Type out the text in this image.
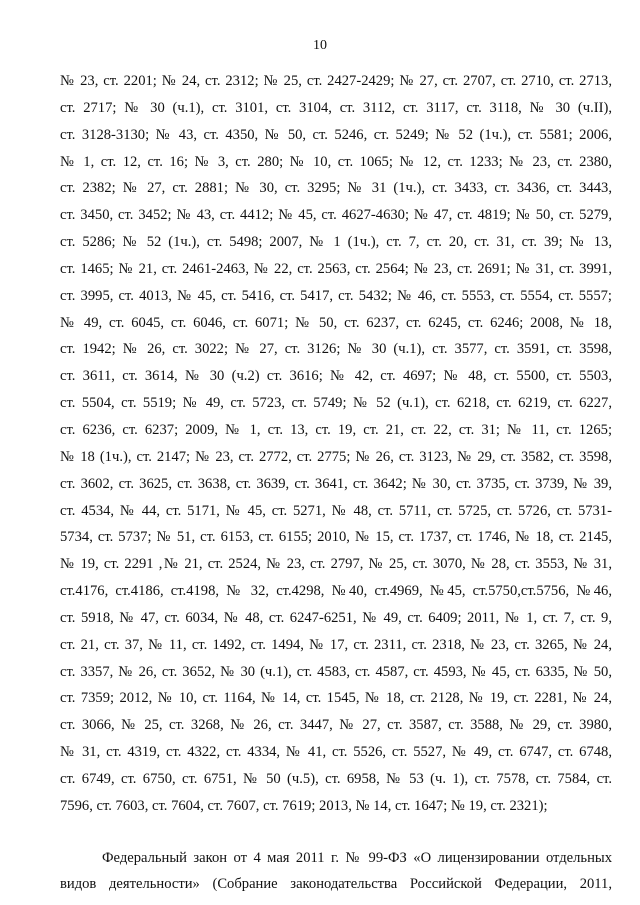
10
№ 23, ст. 2201; № 24, ст. 2312; № 25, ст. 2427-2429; № 27, ст. 2707, ст. 2710, ст. 2713,
ст. 2717; № 30 (ч.1), ст. 3101, ст. 3104, ст. 3112, ст. 3117, ст. 3118, № 30 (ч.II),
ст. 3128-3130; № 43, ст. 4350, № 50, ст. 5246, ст. 5249; № 52 (1ч.), ст. 5581; 2006,
№ 1, ст. 12, ст. 16; № 3, ст. 280; № 10, ст. 1065; № 12, ст. 1233; № 23, ст. 2380,
ст. 2382; № 27, ст. 2881; № 30, ст. 3295; № 31 (1ч.), ст. 3433, ст. 3436, ст. 3443,
ст. 3450, ст. 3452; № 43, ст. 4412; № 45, ст. 4627-4630; № 47, ст. 4819; № 50, ст. 5279,
ст. 5286; № 52 (1ч.), ст. 5498; 2007, № 1 (1ч.), ст. 7, ст. 20, ст. 31, ст. 39; № 13,
ст. 1465; № 21, ст. 2461-2463, № 22, ст. 2563, ст. 2564; № 23, ст. 2691; № 31, ст. 3991,
ст. 3995, ст. 4013, № 45, ст. 5416, ст. 5417, ст. 5432; № 46, ст. 5553, ст. 5554, ст. 5557;
№ 49, ст. 6045, ст. 6046, ст. 6071; № 50, ст. 6237, ст. 6245, ст. 6246; 2008, № 18,
ст. 1942; № 26, ст. 3022; № 27, ст. 3126; № 30 (ч.1), ст. 3577, ст. 3591, ст. 3598,
ст. 3611, ст. 3614, № 30 (ч.2) ст. 3616; № 42, ст. 4697; № 48, ст. 5500, ст. 5503,
ст. 5504, ст. 5519; № 49, ст. 5723, ст. 5749; № 52 (ч.1), ст. 6218, ст. 6219, ст. 6227,
ст. 6236, ст. 6237; 2009, № 1, ст. 13, ст. 19, ст. 21, ст. 22, ст. 31; № 11, ст. 1265;
№ 18 (1ч.), ст. 2147; № 23, ст. 2772, ст. 2775; № 26, ст. 3123, № 29, ст. 3582, ст. 3598,
ст. 3602, ст. 3625, ст. 3638, ст. 3639, ст. 3641, ст. 3642; № 30, ст. 3735, ст. 3739, № 39,
ст. 4534, № 44, ст. 5171, № 45, ст. 5271, № 48, ст. 5711, ст. 5725, ст. 5726, ст. 5731-
5734, ст. 5737; № 51, ст. 6153, ст. 6155; 2010, № 15, ст. 1737, ст. 1746, № 18, ст. 2145,
№ 19, ст. 2291 ,№ 21, ст. 2524, № 23, ст. 2797, № 25, ст. 3070, № 28, ст. 3553, № 31,
ст.4176, ст.4186, ст.4198, № 32, ст.4298, №40, ст.4969, №45, ст.5750,ст.5756, №46,
ст. 5918, № 47, ст. 6034, № 48, ст. 6247-6251, № 49, ст. 6409; 2011, № 1, ст. 7, ст. 9,
ст. 21, ст. 37, № 11, ст. 1492, ст. 1494, № 17, ст. 2311, ст. 2318, № 23, ст. 3265, № 24,
ст. 3357, № 26, ст. 3652, № 30 (ч.1), ст. 4583, ст. 4587, ст. 4593, № 45, ст. 6335, № 50,
ст. 7359; 2012, № 10, ст. 1164, № 14, ст. 1545, № 18, ст. 2128, № 19, ст. 2281, № 24,
ст. 3066, № 25, ст. 3268, № 26, ст. 3447, № 27, ст. 3587, ст. 3588, № 29, ст. 3980,
№ 31, ст. 4319, ст. 4322, ст. 4334, № 41, ст. 5526, ст. 5527, № 49, ст. 6747, ст. 6748,
ст. 6749, ст. 6750, ст. 6751, № 50 (ч.5), ст. 6958, № 53 (ч. 1), ст. 7578, ст. 7584, ст.
7596, ст. 7603, ст. 7604, ст. 7607, ст. 7619; 2013, № 14, ст. 1647; № 19, ст. 2321);
Федеральный закон от 4 мая 2011 г. № 99-ФЗ «О лицензировании отдельных
видов деятельности» (Собрание законодательства Российской Федерации, 2011,
